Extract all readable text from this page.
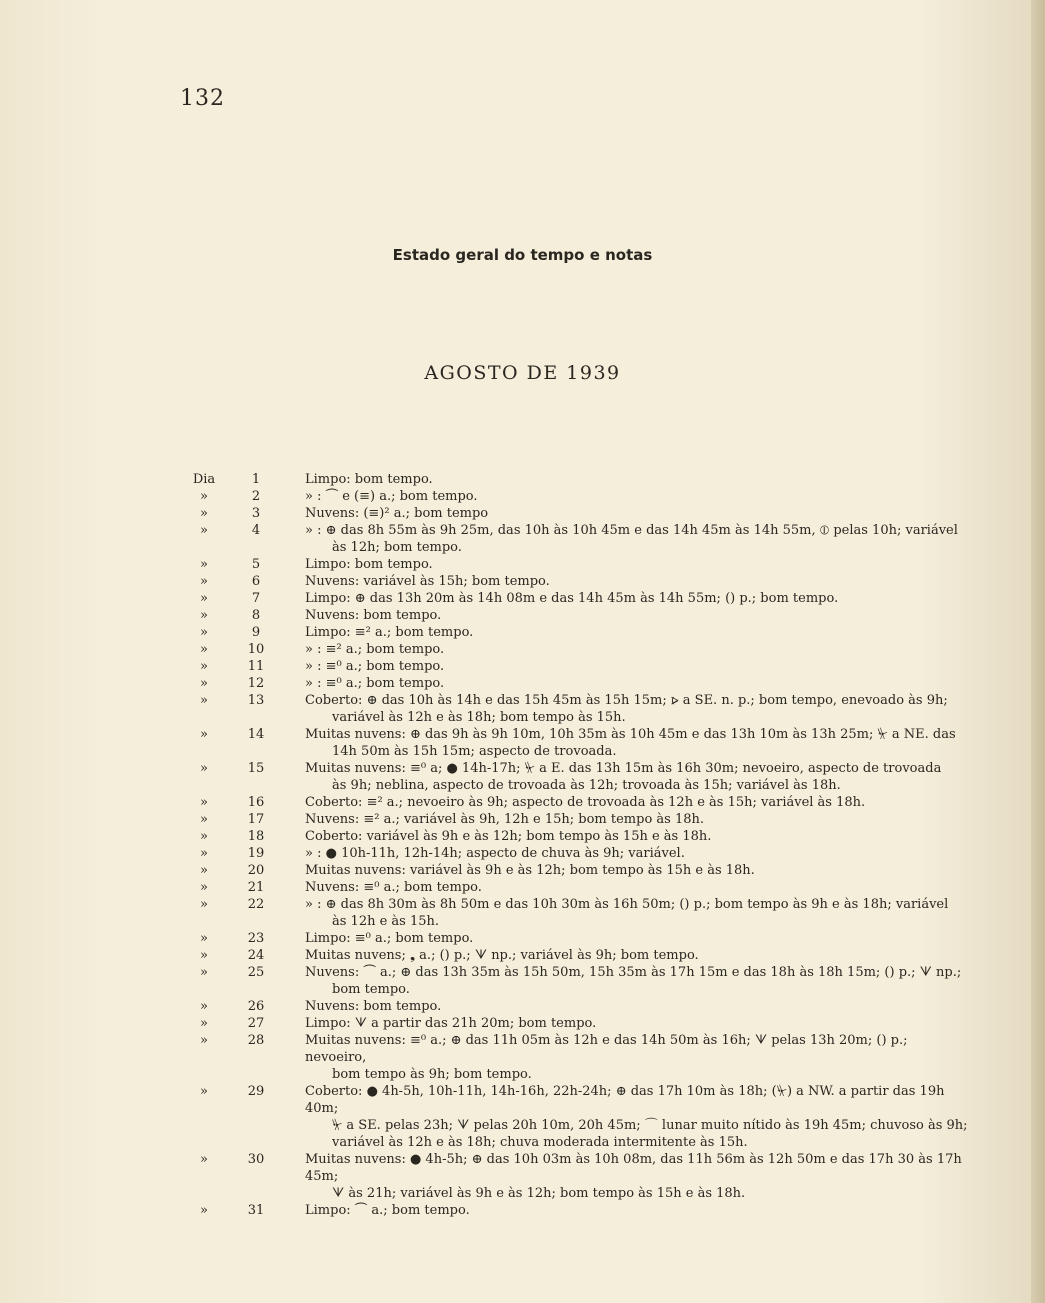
132
Estado geral do tempo e notas
AGOSTO DE 1939
Dia	1	Limpo: bom tempo.
»	2	» : ⏜ e (≡) a.; bom tempo.
»	3	Nuvens: (≡)² a.; bom tempo
»	4	» : ⊕ das 8h 55m às 9h 25m, das 10h às 10h 45m e das 14h 45m às 14h 55m, ⦶ pelas 10h; variável
às 12h; bom tempo.
»	5	Limpo: bom tempo.
»	6	Nuvens: variável às 15h; bom tempo.
»	7	Limpo: ⊕ das 13h 20m às 14h 08m e das 14h 45m às 14h 55m; () p.; bom tempo.
»	8	Nuvens: bom tempo.
»	9	Limpo: ≡² a.; bom tempo.
»	10	» : ≡² a.; bom tempo.
»	11	» : ≡⁰ a.; bom tempo.
»	12	» : ≡⁰ a.; bom tempo.
»	13	Coberto: ⊕ das 10h às 14h e das 15h 45m às 15h 15m; ⦠ a SE. n. p.; bom tempo, enevoado às 9h;
variável às 12h e às 18h; bom tempo às 15h.
»	14	Muitas nuvens: ⊕ das 9h às 9h 10m, 10h 35m às 10h 45m e das 13h 10m às 13h 25m; ⏧ a NE. das
14h 50m às 15h 15m; aspecto de trovoada.
»	15	Muitas nuvens: ≡⁰ a; ● 14h-17h; ⏧ a E. das 13h 15m às 16h 30m; nevoeiro, aspecto de trovoada
às 9h; neblina, aspecto de trovoada às 12h; trovoada às 15h; variável às 18h.
»	16	Coberto: ≡² a.; nevoeiro às 9h; aspecto de trovoada às 12h e às 15h; variável às 18h.
»	17	Nuvens: ≡² a.; variável às 9h, 12h e 15h; bom tempo às 18h.
»	18	Coberto: variável às 9h e às 12h; bom tempo às 15h e às 18h.
»	19	» : ● 10h-11h, 12h-14h; aspecto de chuva às 9h; variável.
»	20	Muitas nuvens: variável às 9h e às 12h; bom tempo às 15h e às 18h.
»	21	Nuvens: ≡⁰ a.; bom tempo.
»	22	» : ⊕ das 8h 30m às 8h 50m e das 10h 30m às 16h 50m; () p.; bom tempo às 9h e às 18h; variável
às 12h e às 15h.
»	23	Limpo: ≡⁰ a.; bom tempo.
»	24	Muitas nuvens; ❟ a.; () p.; ᗐ np.; variável às 9h; bom tempo.
»	25	Nuvens: ⏜ a.; ⊕ das 13h 35m às 15h 50m, 15h 35m às 17h 15m e das 18h às 18h 15m; () p.; ᗐ np.;
bom tempo.
»	26	Nuvens: bom tempo.
»	27	Limpo: ᗐ a partir das 21h 20m; bom tempo.
»	28	Muitas nuvens: ≡⁰ a.; ⊕ das 11h 05m às 12h e das 14h 50m às 16h; ᗐ pelas 13h 20m; () p.; nevoeiro,
bom tempo às 9h; bom tempo.
»	29	Coberto: ● 4h-5h, 10h-11h, 14h-16h, 22h-24h; ⊕ das 17h 10m às 18h; (⏧) a NW. a partir das 19h 40m;
⏧ a SE. pelas 23h; ᗐ pelas 20h 10m, 20h 45m; ⌒ lunar muito nítido às 19h 45m; chuvoso às 9h; variável às 12h e às 18h; chuva moderada intermitente às 15h.
»	30	Muitas nuvens: ● 4h-5h; ⊕ das 10h 03m às 10h 08m, das 11h 56m às 12h 50m e das 17h 30 às 17h 45m;
ᗐ às 21h; variável às 9h e às 12h; bom tempo às 15h e às 18h.
»	31	Limpo: ⏜ a.; bom tempo.
